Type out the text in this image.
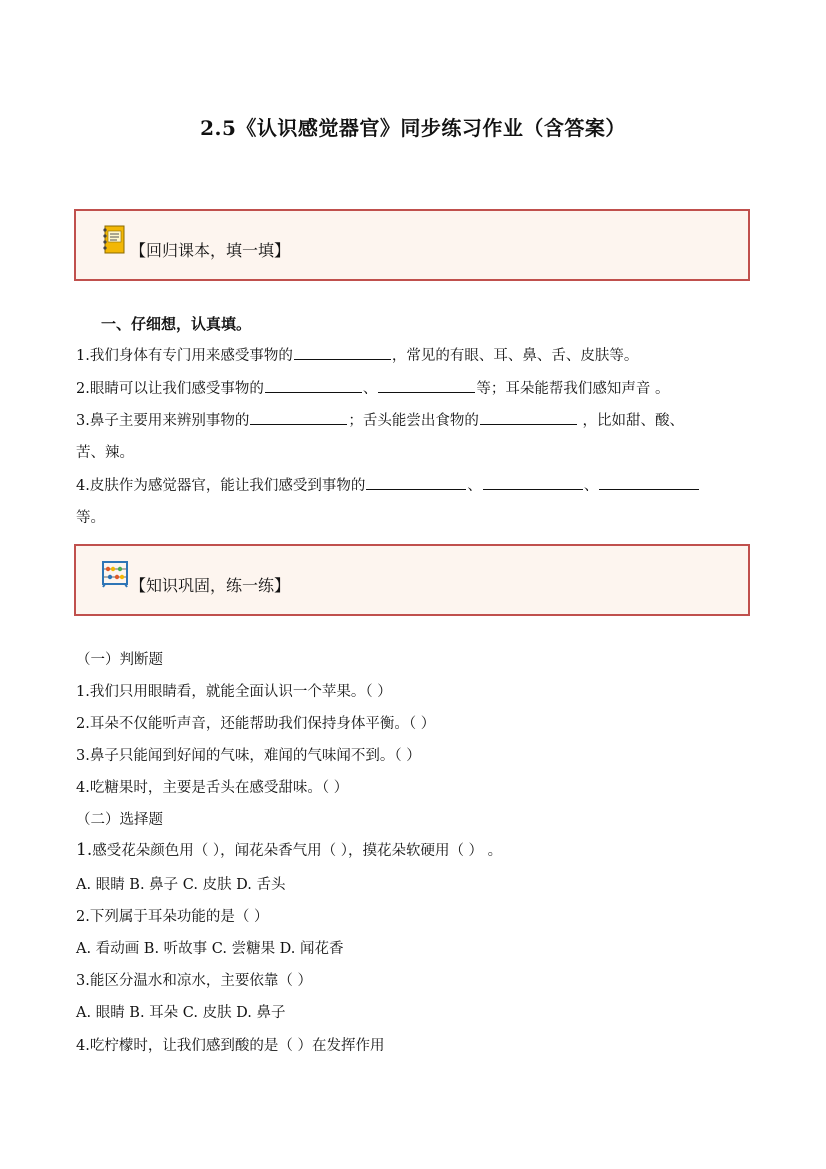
2.5《认识感觉器官》同步练习作业（含答案）
【回归课本，填一填】
一、仔细想，认真填。
1.我们身体有专门用来感受事物的	，常见的有眼、耳、鼻、舌、皮肤等。
2.眼睛可以让我们感受事物的	、	等；耳朵能帮我们感知声音 。
3.鼻子主要用来辨别事物的	；舌头能尝出食物的	，比如甜、酸、
苦、辣。
4.皮肤作为感觉器官，能让我们感受到事物的	、	、
等。
【知识巩固，练一练】
（一）判断题
1.我们只用眼睛看，就能全面认识一个苹果。（ ）
2.耳朵不仅能听声音，还能帮助我们保持身体平衡。（ ）
3.鼻子只能闻到好闻的气味，难闻的气味闻不到。（ ）
4.吃糖果时，主要是舌头在感受甜味。（ ）
（二）选择题
1.感受花朵颜色用（ ），闻花朵香气用（ ），摸花朵软硬用（ ） 。
A. 眼睛 B. 鼻子 C. 皮肤 D. 舌头
2.下列属于耳朵功能的是（ ）
A. 看动画 B. 听故事 C. 尝糖果 D. 闻花香
3.能区分温水和凉水，主要依靠（ ）
A. 眼睛 B. 耳朵 C. 皮肤 D. 鼻子
4.吃柠檬时，让我们感到酸的是（ ）在发挥作用
